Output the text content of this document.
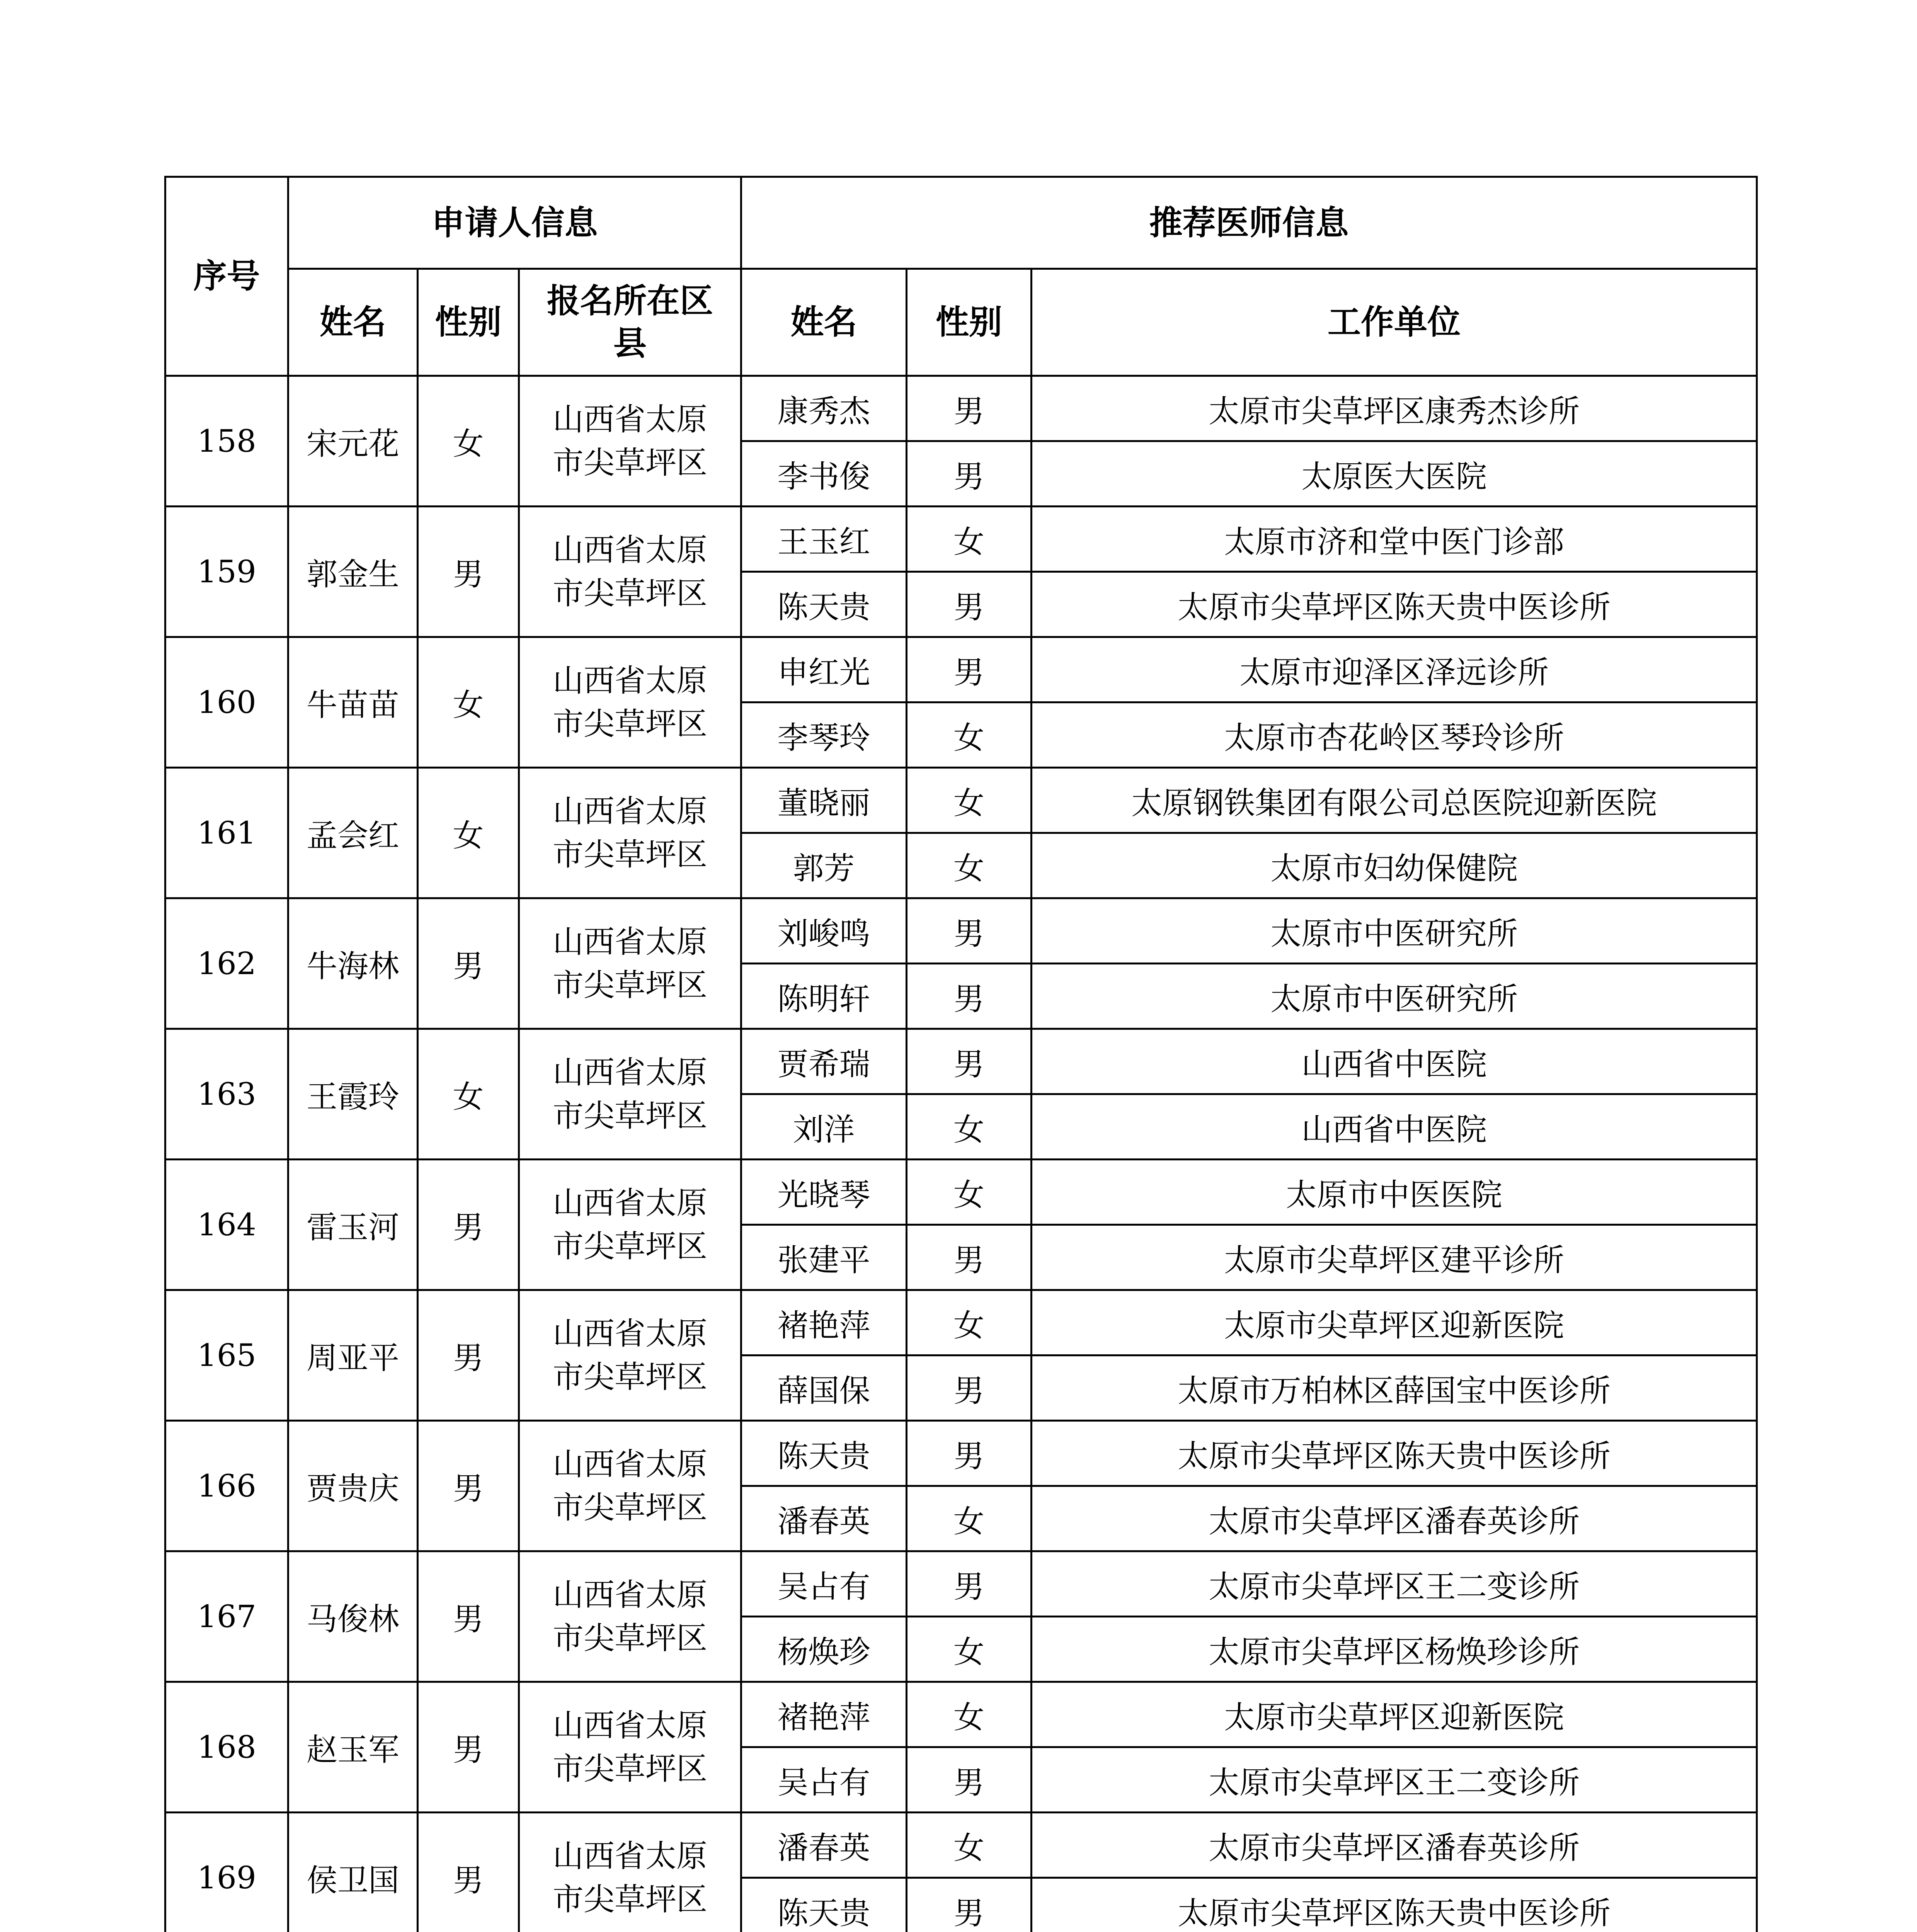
序号	申请人信息			推荐医师信息		
	姓名	性别	报名所在区县	姓名	性别	工作单位
158	宋元花	女	山西省太原市尖草坪区	康秀杰	男	太原市尖草坪区康秀杰诊所
				李书俊	男	太原医大医院
159	郭金生	男	山西省太原市尖草坪区	王玉红	女	太原市济和堂中医门诊部
				陈天贵	男	太原市尖草坪区陈天贵中医诊所
160	牛苗苗	女	山西省太原市尖草坪区	申红光	男	太原市迎泽区泽远诊所
				李琴玲	女	太原市杏花岭区琴玲诊所
161	孟会红	女	山西省太原市尖草坪区	董晓丽	女	太原钢铁集团有限公司总医院迎新医院
				郭芳	女	太原市妇幼保健院
162	牛海林	男	山西省太原市尖草坪区	刘峻鸣	男	太原市中医研究所
				陈明轩	男	太原市中医研究所
163	王霞玲	女	山西省太原市尖草坪区	贾希瑞	男	山西省中医院
				刘洋	女	山西省中医院
164	雷玉河	男	山西省太原市尖草坪区	光晓琴	女	太原市中医医院
				张建平	男	太原市尖草坪区建平诊所
165	周亚平	男	山西省太原市尖草坪区	褚艳萍	女	太原市尖草坪区迎新医院
				薛国保	男	太原市万柏林区薛国宝中医诊所
166	贾贵庆	男	山西省太原市尖草坪区	陈天贵	男	太原市尖草坪区陈天贵中医诊所
				潘春英	女	太原市尖草坪区潘春英诊所
167	马俊林	男	山西省太原市尖草坪区	吴占有	男	太原市尖草坪区王二变诊所
				杨焕珍	女	太原市尖草坪区杨焕珍诊所
168	赵玉军	男	山西省太原市尖草坪区	褚艳萍	女	太原市尖草坪区迎新医院
				吴占有	男	太原市尖草坪区王二变诊所
169	侯卫国	男	山西省太原市尖草坪区	潘春英	女	太原市尖草坪区潘春英诊所
				陈天贵	男	太原市尖草坪区陈天贵中医诊所
